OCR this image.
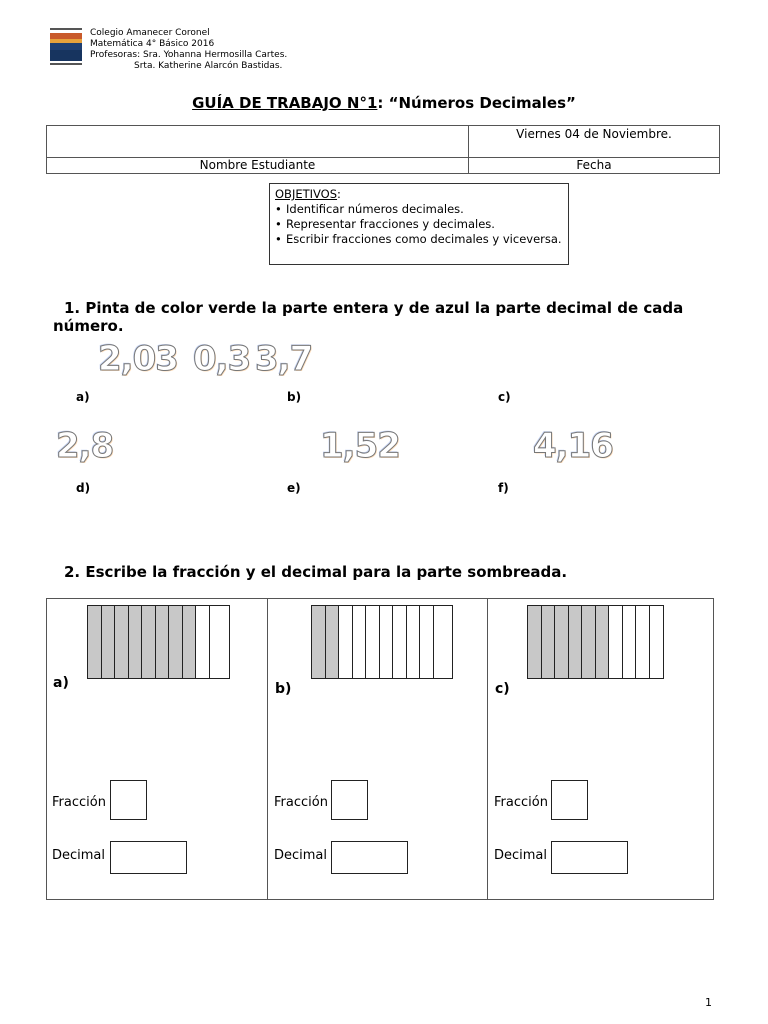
Colegio Amanecer Coronel
Matemática 4° Básico 2016
Profesoras: Sra. Yohanna Hermosilla Cartes.
Srta. Katherine Alarcón Bastidas.
GUÍA DE TRABAJO N°1: “Números Decimales”

	Viernes 04 de Noviembre.

Nombre Estudiante	Fecha
OBJETIVOS:
• Identificar números decimales.
• Representar fracciones y decimales.
• Escribir fracciones como decimales y viceversa.
1. Pinta de color verde la parte entera y de azul la parte decimal de cada número.
2,03 0,3 3,7
a)	b)	c)
2,8	1,52	4,16
d)	e)	f)
2. Escribe la fracción y el decimal para la parte sombreada.
a)
Fracción
Decimal
b)
Fracción
Decimal
c)
Fracción
Decimal
1
